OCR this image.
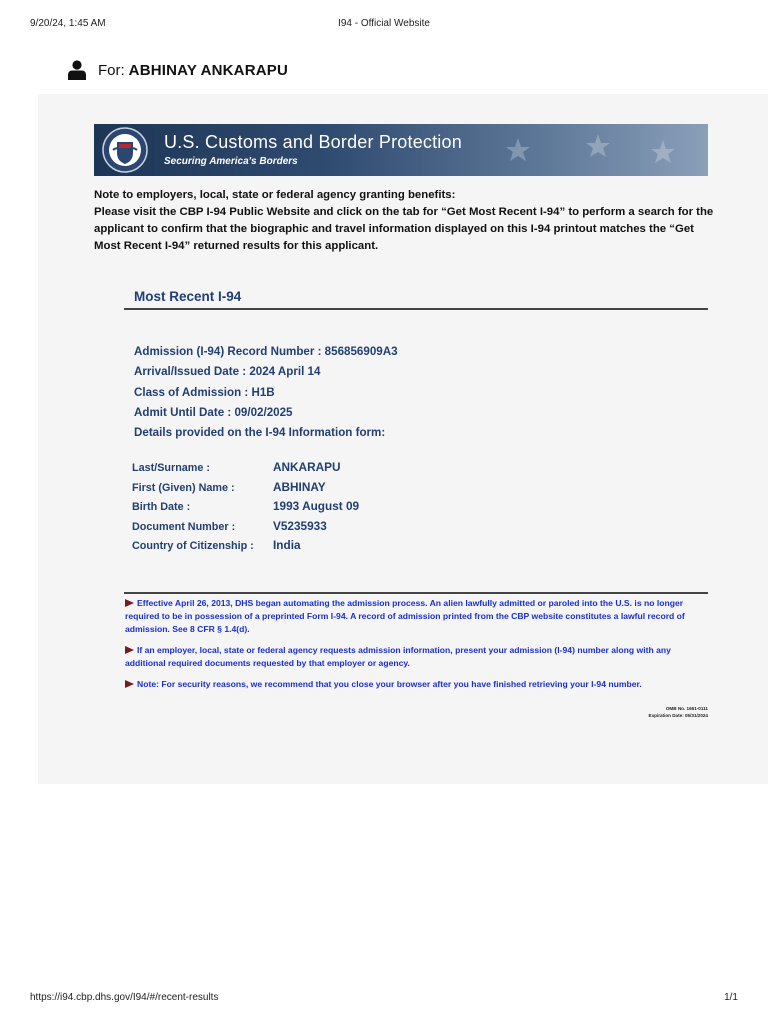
9/20/24, 1:45 AM	I94 - Official Website
For: ABHINAY ANKARAPU
U.S. Customs and Border Protection
Securing America's Borders

Note to employers, local, state or federal agency granting benefits:

Please visit the CBP I-94 Public Website and click on the tab for “Get Most Recent I-94” to perform a search for the applicant to confirm that the biographic and travel information displayed on this I-94 printout matches the “Get Most Recent I-94” returned results for this applicant.

Most Recent I-94
Admission (I-94) Record Number : 856856909A3
Arrival/Issued Date : 2024 April 14
Class of Admission : H1B
Admit Until Date : 09/02/2025
Details provided on the I-94 Information form:
Last/Surname :	ANKARAPU
First (Given) Name :	ABHINAY
Birth Date :	1993 August 09
Document Number :	V5235933
Country of Citizenship : India

Effective April 26, 2013, DHS began automating the admission process. An alien lawfully admitted or paroled into the U.S. is no longer required to be in possession of a preprinted Form I-94. A record of admission printed from the CBP website constitutes a lawful record of admission. See 8 CFR § 1.4(d).

If an employer, local, state or federal agency requests admission information, present your admission (I-94) number along with any additional required documents requested by that employer or agency.

Note: For security reasons, we recommend that you close your browser after you have finished retrieving your I-94 number.

OMB No. 1651-0111
Expiration Date: 05/31/2024
https://i94.cbp.dhs.gov/I94/#/recent-results	1/1
